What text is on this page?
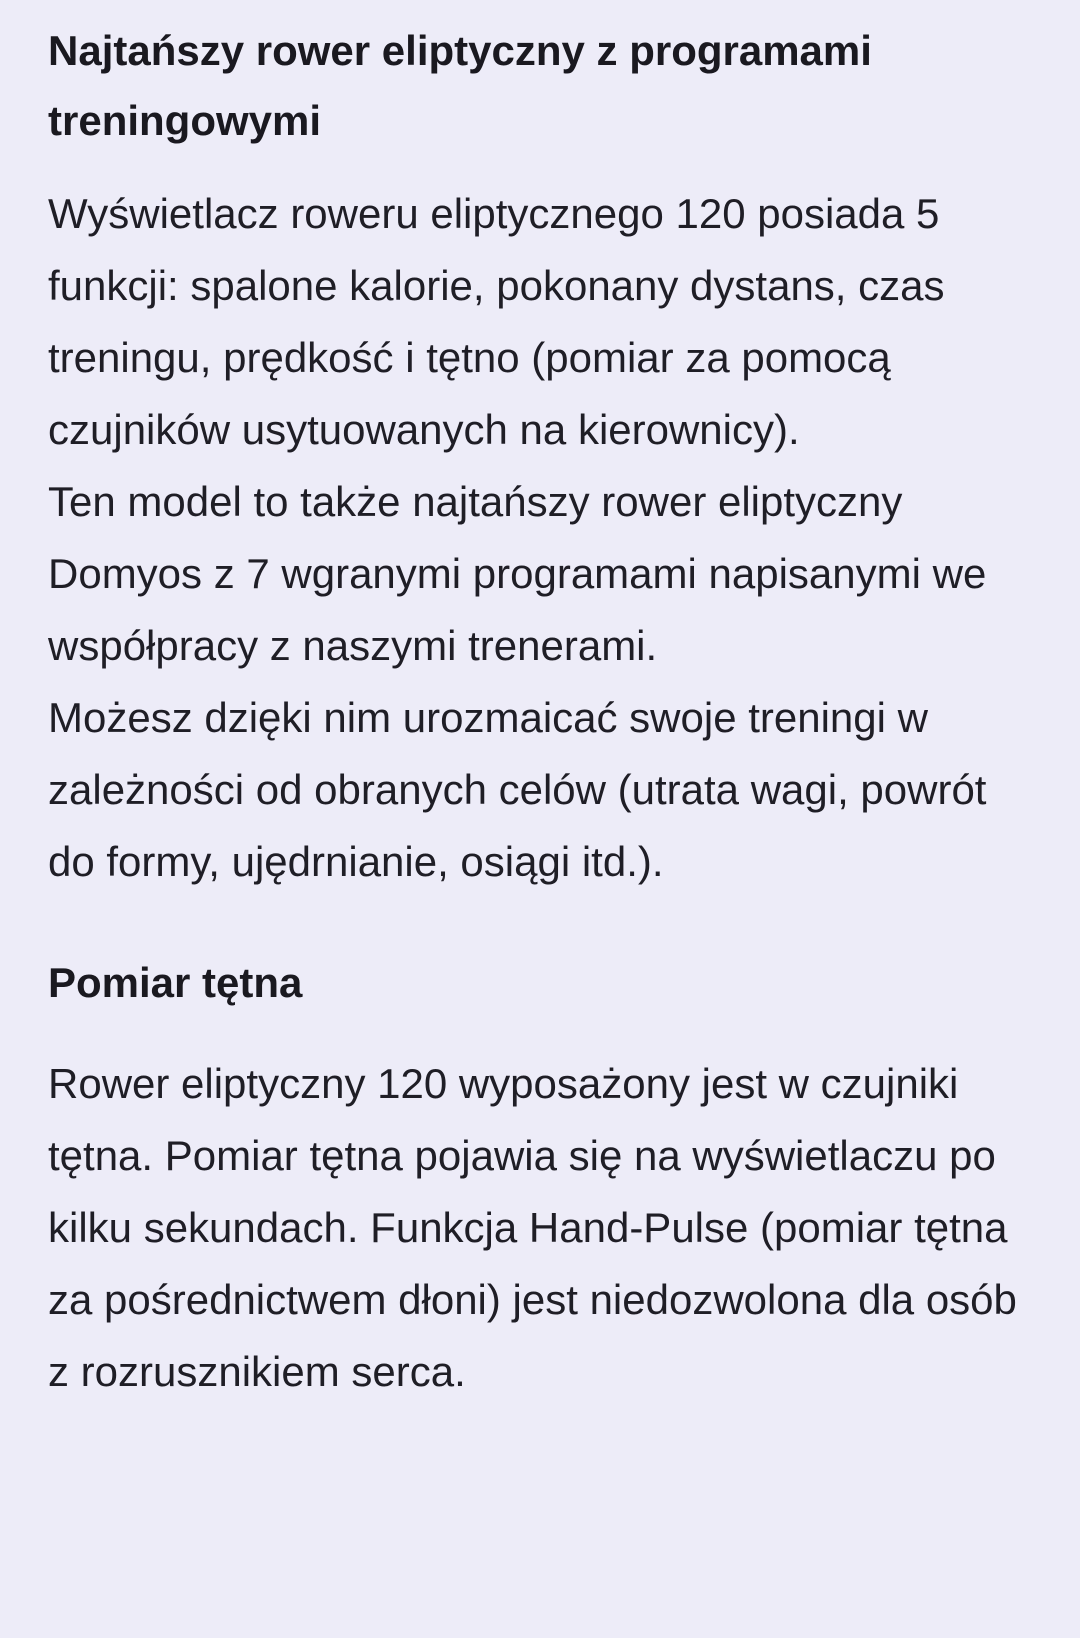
Najtańszy rower eliptyczny z programami treningowymi

Wyświetlacz roweru eliptycznego 120 posiada 5 funkcji: spalone kalorie, pokonany dystans, czas treningu, prędkość i tętno (pomiar za pomocą czujników usytuowanych na kierownicy).

Ten model to także najtańszy rower eliptyczny Domyos z 7 wgranymi programami napisanymi we współpracy z naszymi trenerami.

Możesz dzięki nim urozmaicać swoje treningi w zależności od obranych celów (utrata wagi, powrót do formy, ujędrnianie, osiągi itd.).

Pomiar tętna

Rower eliptyczny 120 wyposażony jest w czujniki tętna. Pomiar tętna pojawia się na wyświetlaczu po kilku sekundach. Funkcja Hand-Pulse (pomiar tętna za pośrednictwem dłoni) jest niedozwolona dla osób z rozrusznikiem serca.
